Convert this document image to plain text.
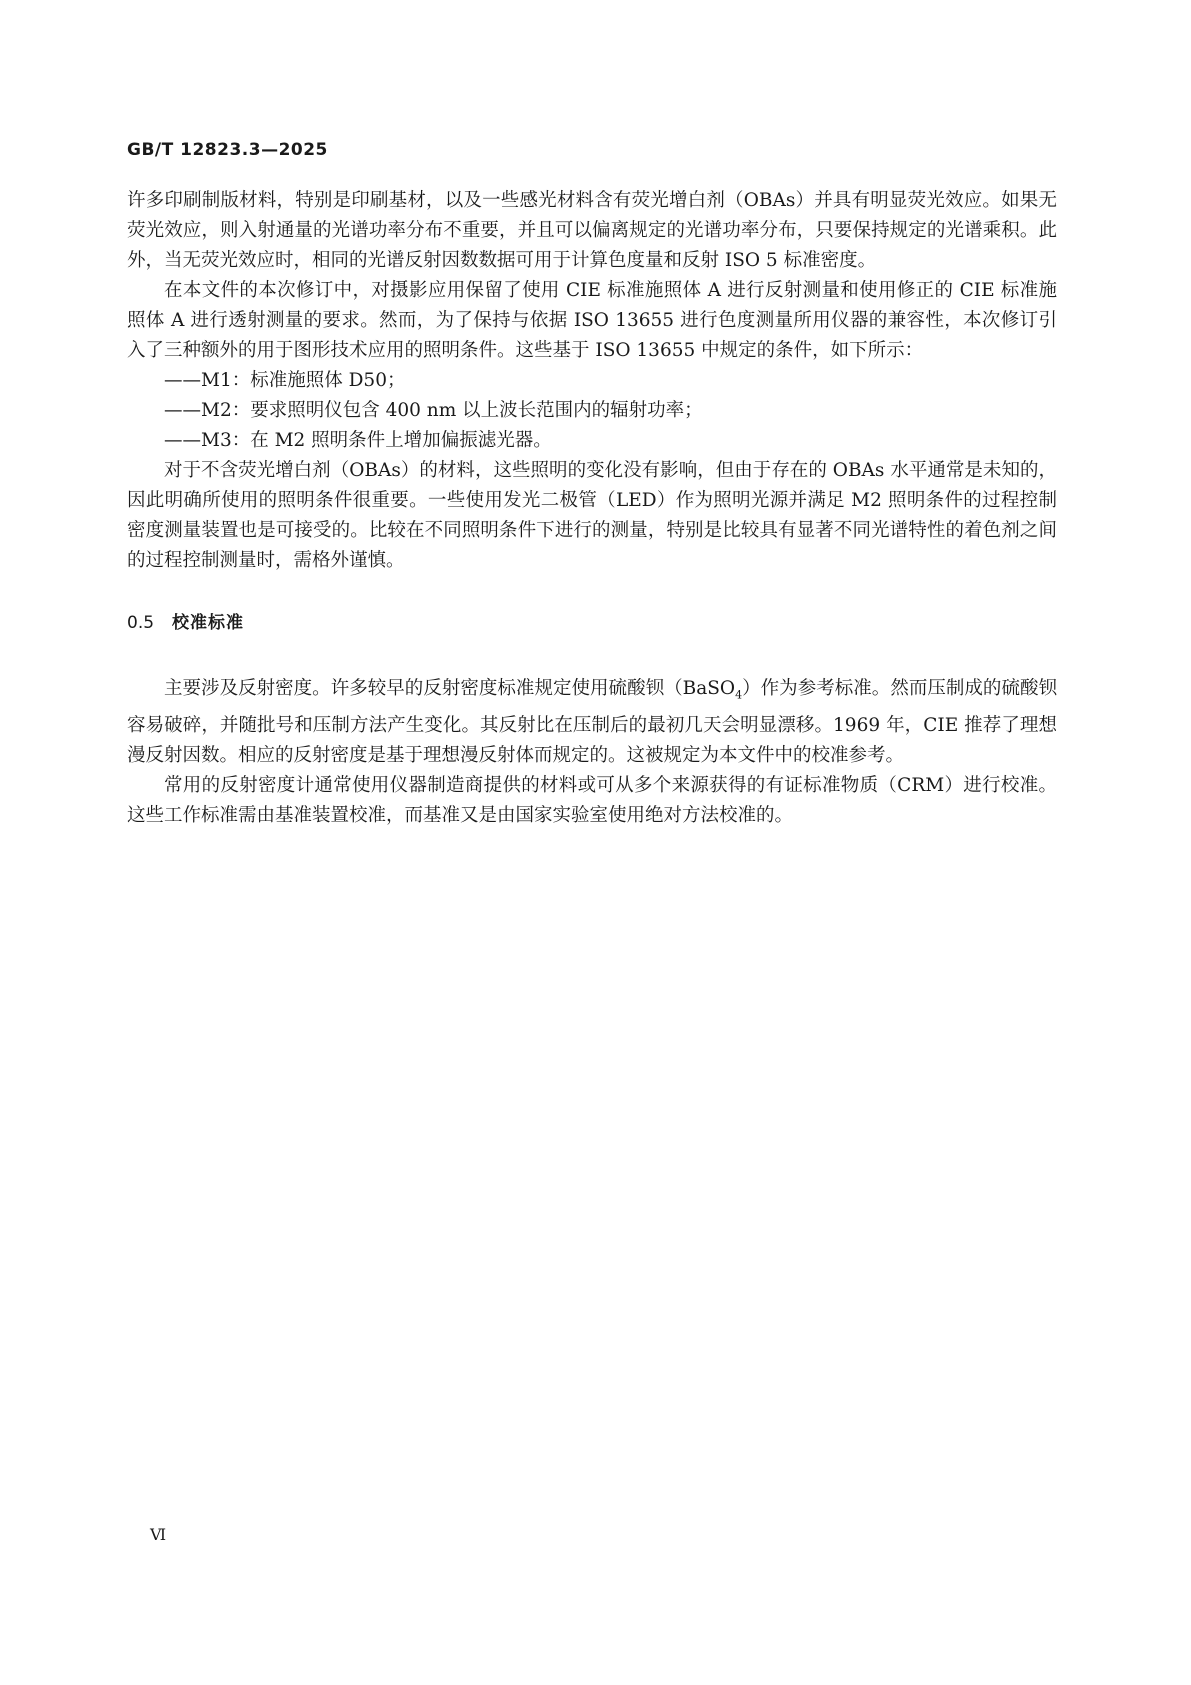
GB/T 12823.3—2025

许多印刷制版材料，特别是印刷基材，以及一些感光材料含有荧光增白剂（OBAs）并具有明显荧光效应。如果无荧光效应，则入射通量的光谱功率分布不重要，并且可以偏离规定的光谱功率分布，只要保持规定的光谱乘积。此外，当无荧光效应时，相同的光谱反射因数数据可用于计算色度量和反射 ISO 5 标准密度。

在本文件的本次修订中，对摄影应用保留了使用 CIE 标准施照体 A 进行反射测量和使用修正的 CIE 标准施照体 A 进行透射测量的要求。然而，为了保持与依据 ISO 13655 进行色度测量所用仪器的兼容性，本次修订引入了三种额外的用于图形技术应用的照明条件。这些基于 ISO 13655 中规定的条件，如下所示：

——M1：标准施照体 D50；

——M2：要求照明仪包含 400 nm 以上波长范围内的辐射功率；

——M3：在 M2 照明条件上增加偏振滤光器。

对于不含荧光增白剂（OBAs）的材料，这些照明的变化没有影响，但由于存在的 OBAs 水平通常是未知的，因此明确所使用的照明条件很重要。一些使用发光二极管（LED）作为照明光源并满足 M2 照明条件的过程控制密度测量装置也是可接受的。比较在不同照明条件下进行的测量，特别是比较具有显著不同光谱特性的着色剂之间的过程控制测量时，需格外谨慎。

0.5 校准标准

主要涉及反射密度。许多较早的反射密度标准规定使用硫酸钡（BaSO$_4$）作为参考标准。然而压制成的硫酸钡容易破碎，并随批号和压制方法产生变化。其反射比在压制后的最初几天会明显漂移。1969 年，CIE 推荐了理想漫反射因数。相应的反射密度是基于理想漫反射体而规定的。这被规定为本文件中的校准参考。

常用的反射密度计通常使用仪器制造商提供的材料或可从多个来源获得的有证标准物质（CRM）进行校准。这些工作标准需由基准装置校准，而基准又是由国家实验室使用绝对方法校准的。

Ⅵ
